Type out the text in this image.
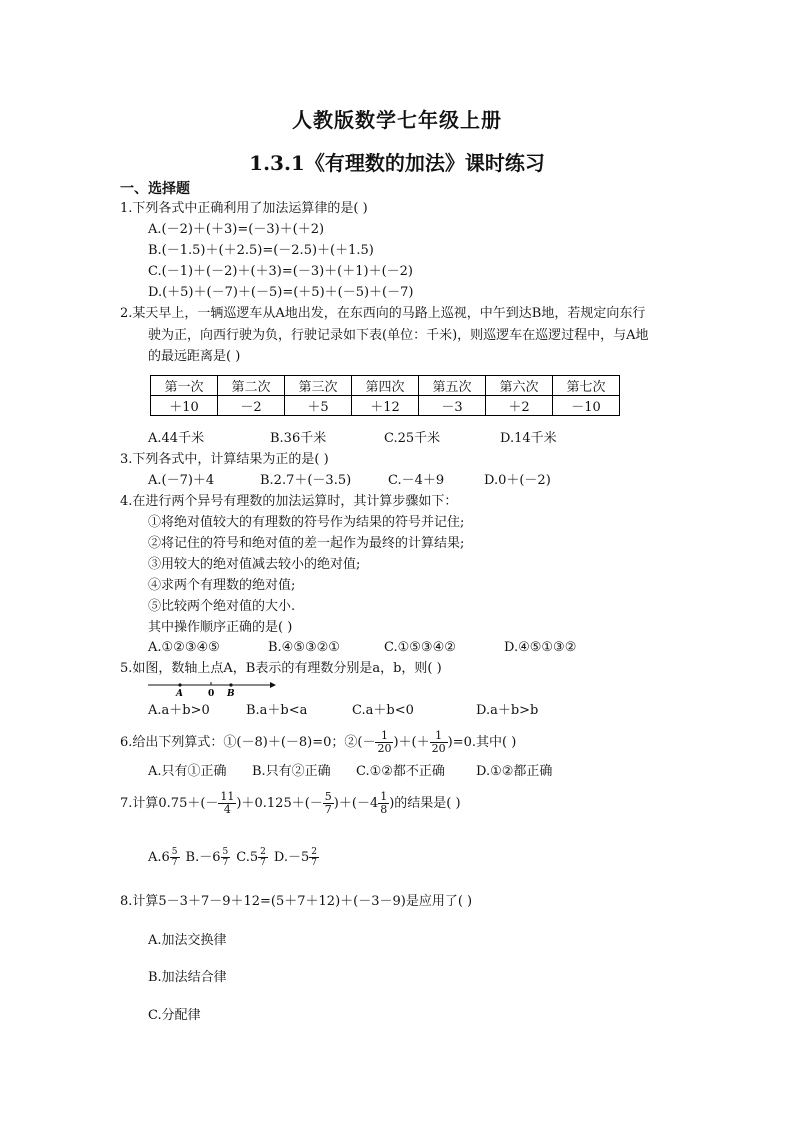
人教版数学七年级上册
1.3.1《有理数的加法》课时练习
一、选择题
1.下列各式中正确利用了加法运算律的是( )
A.(－2)＋(＋3)=(－3)＋(＋2)
B.(－1.5)＋(＋2.5)=(－2.5)＋(＋1.5)
C.(－1)＋(－2)＋(＋3)=(－3)＋(＋1)＋(－2)
D.(＋5)＋(－7)＋(－5)=(＋5)＋(－5)＋(－7)
2.某天早上，一辆巡逻车从A地出发，在东西向的马路上巡视，中午到达B地，若规定向东行
驶为正，向西行驶为负，行驶记录如下表(单位：千米)，则巡逻车在巡逻过程中，与A地
的最远距离是( )
第一次	第二次	第三次	第四次	第五次	第六次	第七次
＋10	－2	＋5	＋12	－3	＋2	－10
A.44千米	B.36千米	C.25千米	D.14千米
3.下列各式中，计算结果为正的是( )
A.(－7)＋4	B.2.7＋(－3.5)	C.－4＋9	D.0＋(－2)
4.在进行两个异号有理数的加法运算时，其计算步骤如下：
①将绝对值较大的有理数的符号作为结果的符号并记住;
②将记住的符号和绝对值的差一起作为最终的计算结果;
③用较大的绝对值减去较小的绝对值;
④求两个有理数的绝对值;
⑤比较两个绝对值的大小.
其中操作顺序正确的是( )
A.①②③④⑤	B.④⑤③②①	C.①⑤③④②	D.④⑤①③②
5.如图，数轴上点A，B表示的有理数分别是a，b，则( )
A	0 B
A.a＋b>0	B.a＋b<a	C.a＋b<0	D.a＋b>b
6.给出下列算式：①(－8)＋(－8)=0；②(－ $\frac{1}{20}$ )＋(＋ $\frac{1}{20} )=0$.其中( )
A.只有①正确 B.只有②正确 C.①②都不正确 D.①②都正确
7.计算$0.75+(- \frac{11}{4} )+0.125+(- \frac{5}{7} )+(-4 \frac{1}{8}$ )的结果是( )
$A.6 \frac{5}{7} B.-6 \frac{5}{7} C.5 \frac{2}{7} D.-5 \frac{2}{7}$
8.计算5－3＋7－9＋12=(5＋7＋12)＋(－3－9)是应用了( )
A.加法交换律
B.加法结合律
C.分配律
